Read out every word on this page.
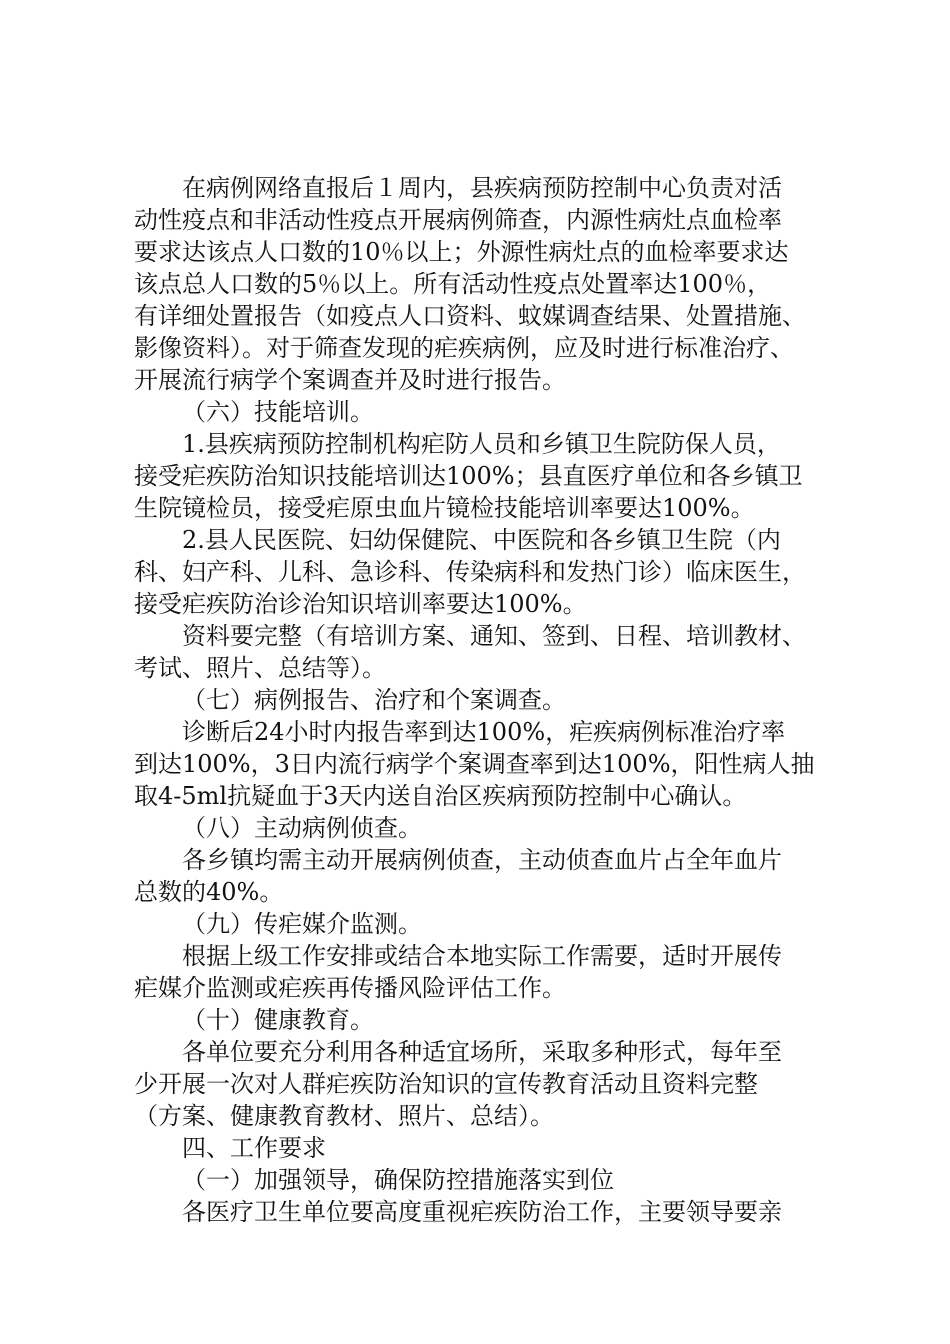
在病例网络直报后１周内，县疾病预防控制中心负责对活
动性疫点和非活动性疫点开展病例筛查，内源性病灶点血检率
要求达该点人口数的10％以上；外源性病灶点的血检率要求达
该点总人口数的5％以上。所有活动性疫点处置率达100％，
有详细处置报告（如疫点人口资料、蚊媒调查结果、处置措施、
影像资料）。对于筛查发现的疟疾病例，应及时进行标准治疗、
开展流行病学个案调查并及时进行报告。
（六）技能培训。
1.县疾病预防控制机构疟防人员和乡镇卫生院防保人员，
接受疟疾防治知识技能培训达100%；县直医疗单位和各乡镇卫
生院镜检员，接受疟原虫血片镜检技能培训率要达100%。
2.县人民医院、妇幼保健院、中医院和各乡镇卫生院（内
科、妇产科、儿科、急诊科、传染病科和发热门诊）临床医生，
接受疟疾防治诊治知识培训率要达100%。
资料要完整（有培训方案、通知、签到、日程、培训教材、
考试、照片、总结等）。
（七）病例报告、治疗和个案调查。
诊断后24小时内报告率到达100%，疟疾病例标准治疗率
到达100%，3日内流行病学个案调查率到达100%，阳性病人抽
取4-5ml抗疑血于3天内送自治区疾病预防控制中心确认。
（八）主动病例侦查。
各乡镇均需主动开展病例侦查，主动侦查血片占全年血片
总数的40%。
（九）传疟媒介监测。
根据上级工作安排或结合本地实际工作需要，适时开展传
疟媒介监测或疟疾再传播风险评估工作。
（十）健康教育。
各单位要充分利用各种适宜场所，采取多种形式，每年至
少开展一次对人群疟疾防治知识的宣传教育活动且资料完整
（方案、健康教育教材、照片、总结）。
四、工作要求
（一）加强领导，确保防控措施落实到位
各医疗卫生单位要高度重视疟疾防治工作，主要领导要亲
